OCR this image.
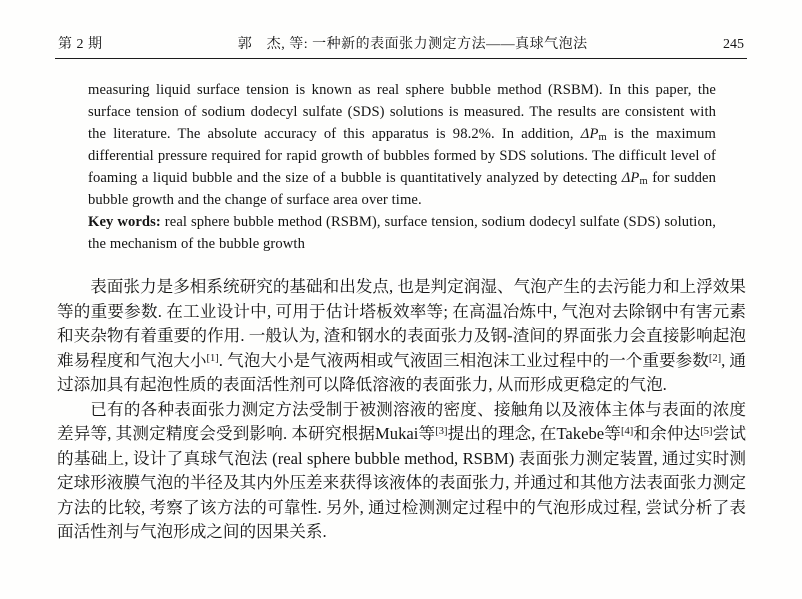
第 2 期	郭　杰, 等: 一种新的表面张力测定方法——真球气泡法	245

measuring liquid surface tension is known as real sphere bubble method (RSBM). In this paper, the surface tension of sodium dodecyl sulfate (SDS) solutions is measured. The results are consistent with the literature. The absolute accuracy of this apparatus is 98.2%. In addition, $\Delta P_m$ is the maximum differential pressure required for rapid growth of bubbles formed by SDS solutions. The difficult level of foaming a liquid bubble and the size of a bubble is quantitatively analyzed by detecting $\Delta P_m$ for sudden bubble growth and the change of surface area over time.

Key words: real sphere bubble method (RSBM), surface tension, sodium dodecyl sulfate (SDS) solution, the mechanism of the bubble growth

表面张力是多相系统研究的基础和出发点, 也是判定润湿、气泡产生的去污能力和上浮效果等的重要参数. 在工业设计中, 可用于估计塔板效率等; 在高温冶炼中, 气泡对去除钢中有害元素和夹杂物有着重要的作用. 一般认为, 渣和钢水的表面张力及钢-渣间的界面张力会直接影响起泡难易程度和气泡大小[1]. 气泡大小是气液两相或气液固三相泡沫工业过程中的一个重要参数[2], 通过添加具有起泡性质的表面活性剂可以降低溶液的表面张力, 从而形成更稳定的气泡.

已有的各种表面张力测定方法受制于被测溶液的密度、接触角以及液体主体与表面的浓度差异等, 其测定精度会受到影响. 本研究根据Mukai等[3]提出的理念, 在Takebe等[4]和余仲达[5]尝试的基础上, 设计了真球气泡法 (real sphere bubble method, RSBM) 表面张力测定装置, 通过实时测定球形液膜气泡的半径及其内外压差来获得该液体的表面张力, 并通过和其他方法表面张力测定方法的比较, 考察了该方法的可靠性. 另外, 通过检测测定过程中的气泡形成过程, 尝试分析了表面活性剂与气泡形成之间的因果关系.
